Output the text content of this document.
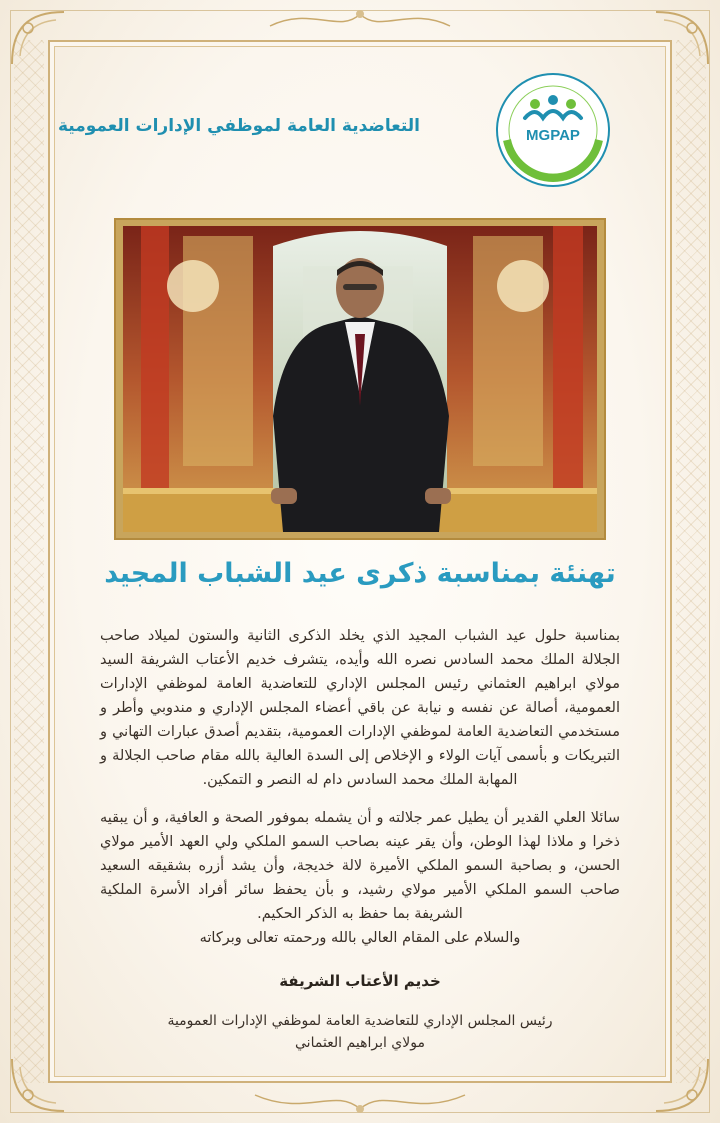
التعاضدية العامة لموظفي الإدارات العمومية	MGPAP
تهنئة بمناسبة ذكرى عيد الشباب المجيد
بمناسبة حلول عيد الشباب المجيد الذي يخلد الذكرى الثانية والستون لميلاد صاحب الجلالة الملك محمد السادس نصره الله وأيده، يتشرف خديم الأعتاب الشريفة السيد مولاي ابراهيم العثماني رئيس المجلس الإداري للتعاضدية العامة لموظفي الإدارات العمومية، أصالة عن نفسه و نيابة عن باقي أعضاء المجلس الإداري و مندوبي وأطر و مستخدمي التعاضدية العامة لموظفي الإدارات العمومية، بتقديم أصدق عبارات التهاني و التبريكات و بأسمى آيات الولاء و الإخلاص إلى السدة العالية بالله مقام صاحب الجلالة و المهابة الملك محمد السادس دام له النصر و التمكين.
سائلا العلي القدير أن يطيل عمر جلالته و أن يشمله بموفور الصحة و العافية، و أن يبقيه ذخرا و ملاذا لهذا الوطن، وأن يقر عينه بصاحب السمو الملكي ولي العهد الأمير مولاي الحسن، و بصاحبة السمو الملكي الأميرة لالة خديجة، وأن يشد أزره بشقيقه السعيد صاحب السمو الملكي الأمير مولاي رشيد، و بأن يحفظ سائر أفراد الأسرة الملكية الشريفة بما حفظ به الذكر الحكيم.
والسلام على المقام العالي بالله ورحمته تعالى وبركاته
خديم الأعتاب الشريفة
رئيس المجلس الإداري للتعاضدية العامة لموظفي الإدارات العمومية
مولاي ابراهيم العثماني
